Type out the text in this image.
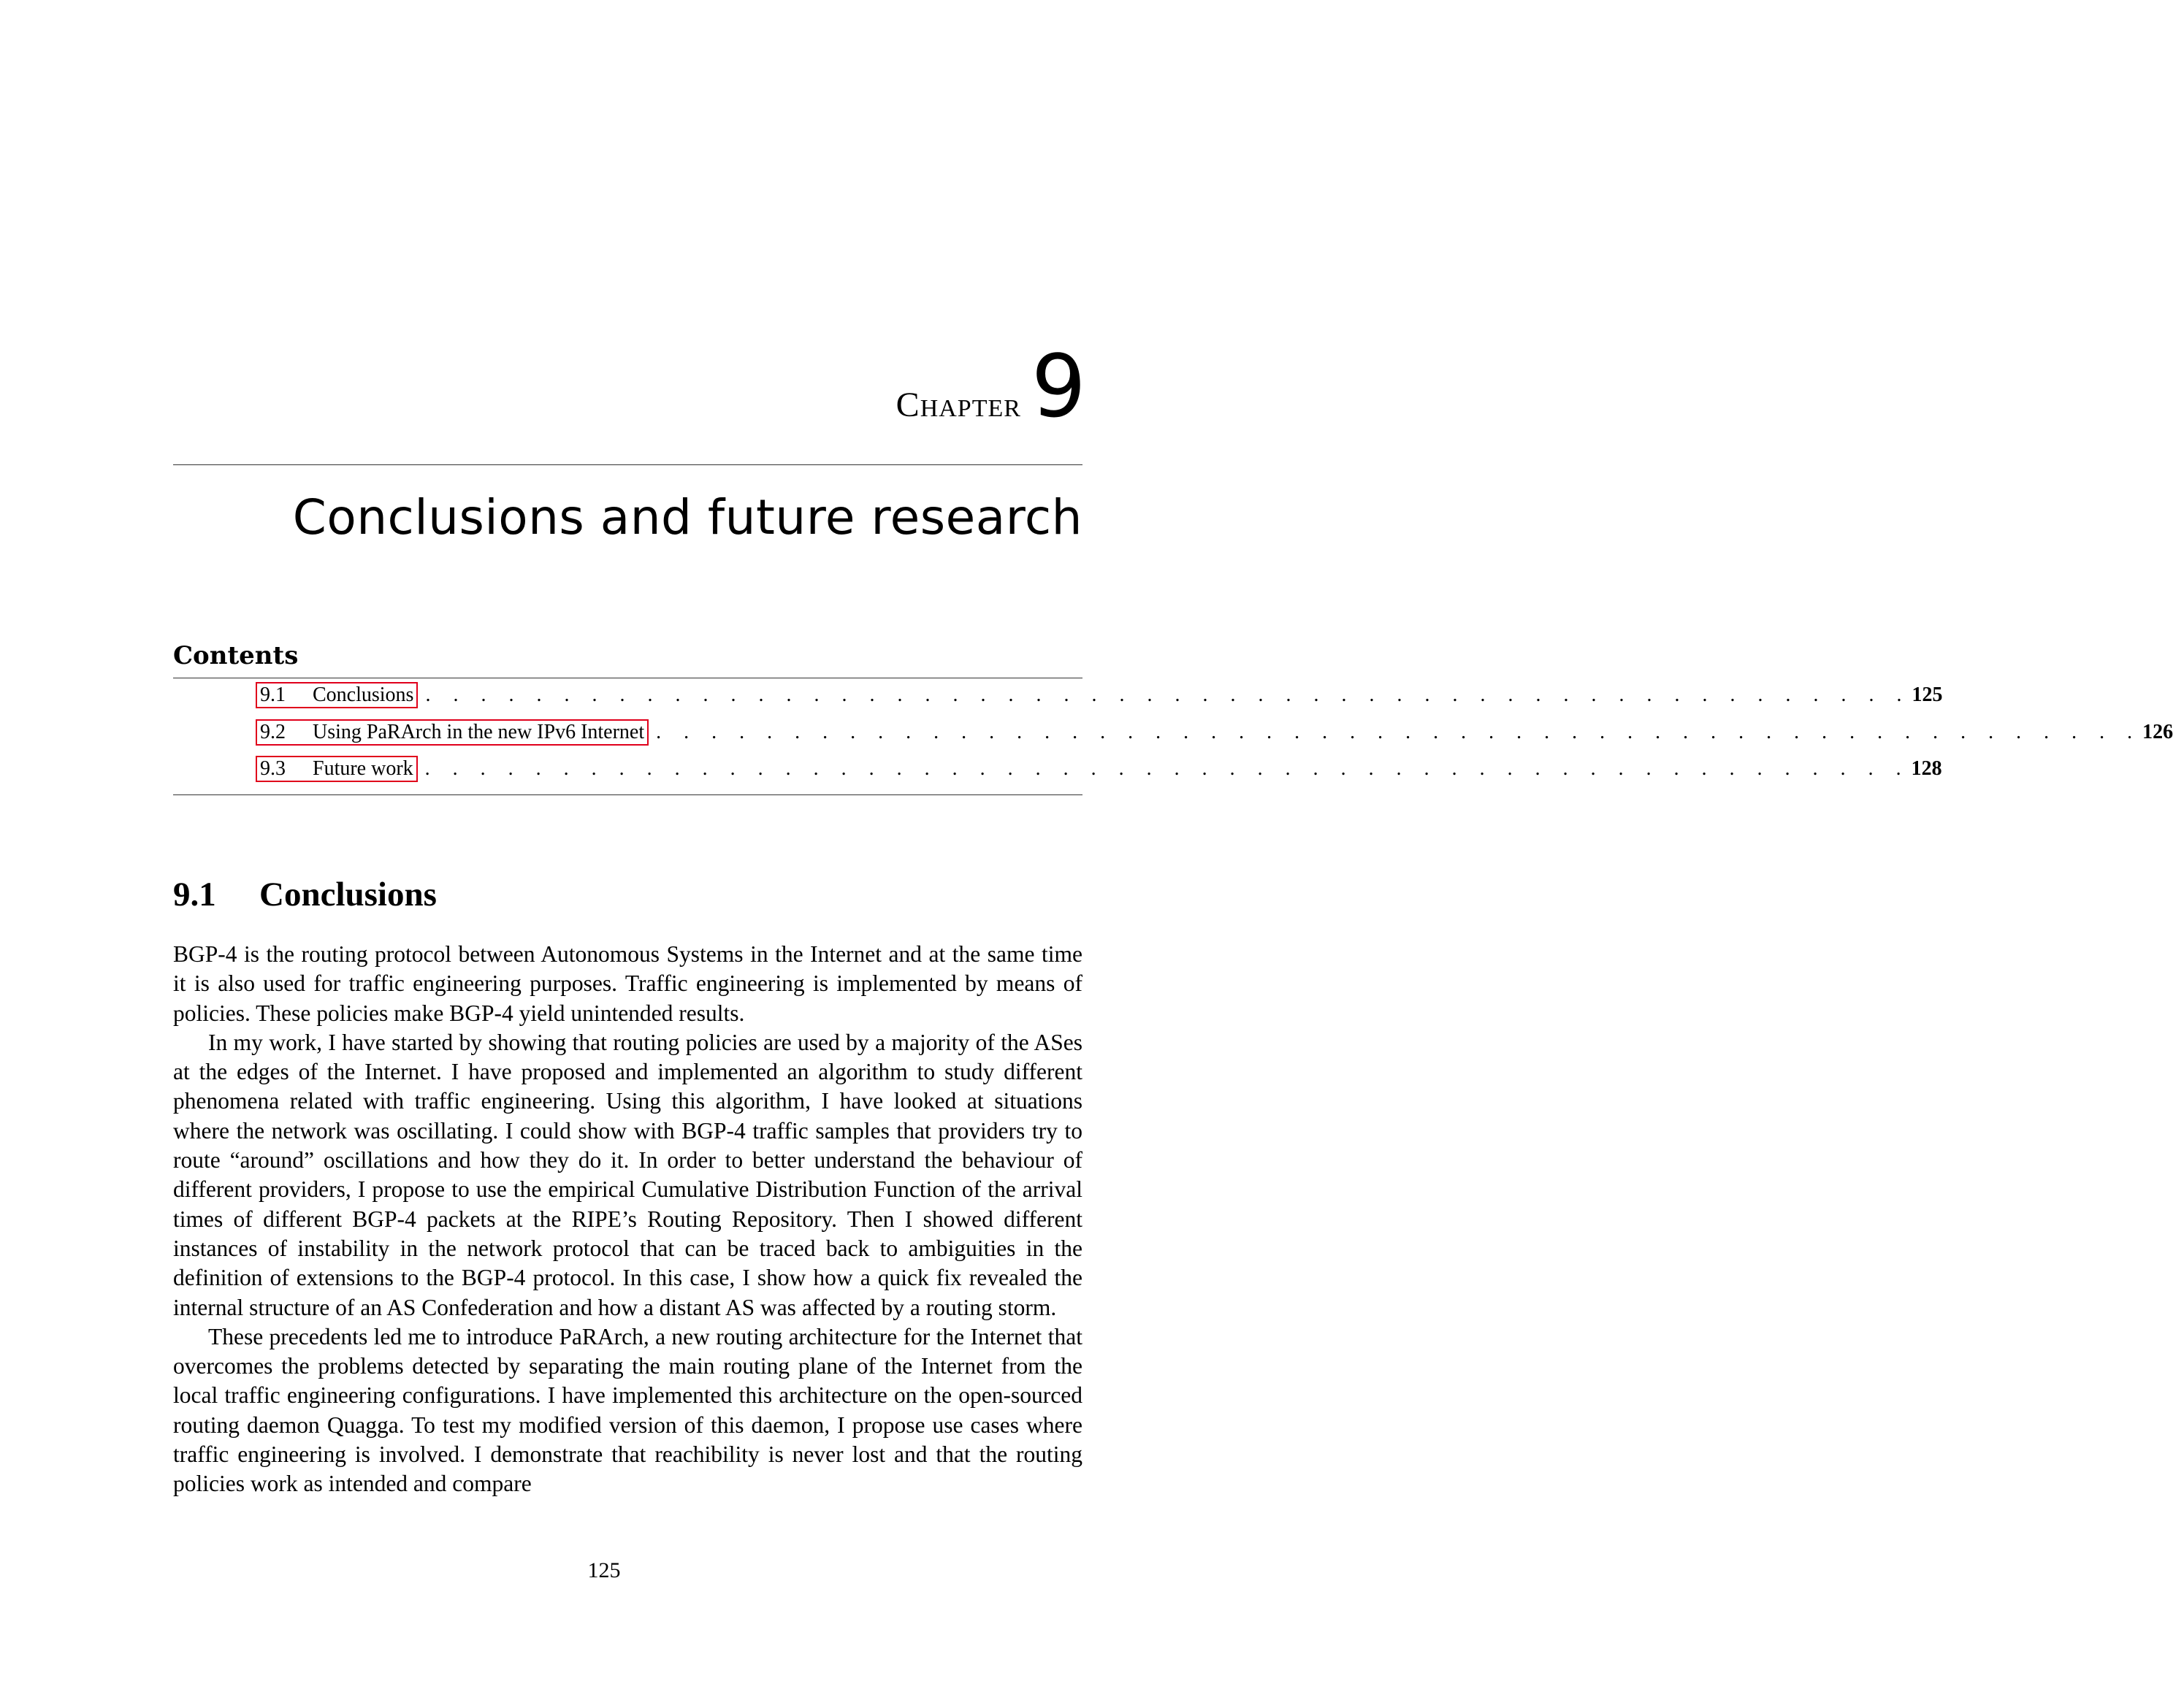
Chapter 9
Conclusions and future research
Contents
9.1	Conclusions . . . . . . . . . . . . . . . . . . . . . . . . . . . . . . . . . . . . . . . . . . . . . . . . . . . . . . 125
9.2	Using PaRArch in the new IPv6 Internet . . . . . . . . . . . . . . . . . . . . . . . . . . . . . . . . . . . . . . . . . . . . . . . . . . . . . . 126
9.3	Future work . . . . . . . . . . . . . . . . . . . . . . . . . . . . . . . . . . . . . . . . . . . . . . . . . . . . . . 128
9.1 Conclusions

BGP-4 is the routing protocol between Autonomous Systems in the Internet and at the same time it is also used for traffic engineering purposes. Traffic engineering is implemented by means of policies. These policies make BGP-4 yield unintended results.

In my work, I have started by showing that routing policies are used by a majority of the ASes at the edges of the Internet. I have proposed and implemented an algorithm to study different phenomena related with traffic engineering. Using this algorithm, I have looked at situations where the network was oscillating. I could show with BGP-4 traffic samples that providers try to route “around” oscillations and how they do it. In order to better understand the behaviour of different providers, I propose to use the empirical Cumulative Distribution Function of the arrival times of different BGP-4 packets at the RIPE’s Routing Repository. Then I showed different instances of instability in the network protocol that can be traced back to ambiguities in the definition of extensions to the BGP-4 protocol. In this case, I show how a quick fix revealed the internal structure of an AS Confederation and how a distant AS was affected by a routing storm.

These precedents led me to introduce PaRArch, a new routing architecture for the Internet that overcomes the problems detected by separating the main routing plane of the Internet from the local traffic engineering configurations. I have implemented this architecture on the open-sourced routing daemon Quagga. To test my modified version of this daemon, I propose use cases where traffic engineering is involved. I demonstrate that reachibility is never lost and that the routing policies work as intended and compare

125
